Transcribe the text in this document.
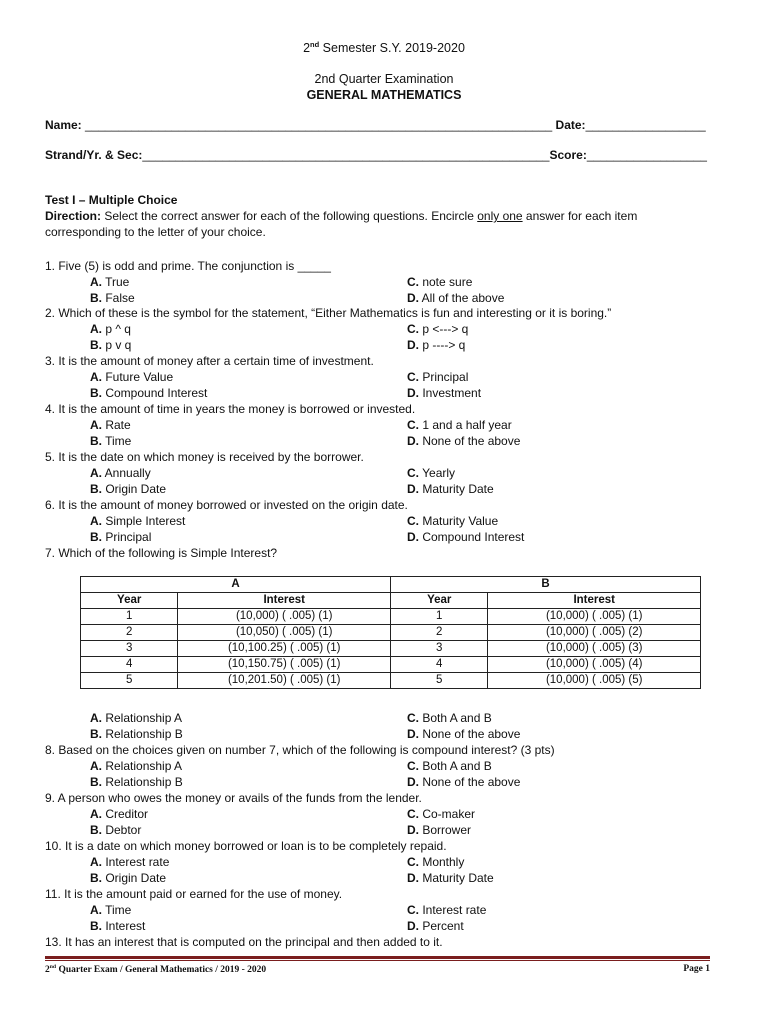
2nd Semester S.Y. 2019-2020
2nd Quarter Examination
GENERAL MATHEMATICS
Name: ______________________________________________________________________ Date:__________________
Strand/Yr. & Sec:_____________________________________________________________Score:__________________
Test I – Multiple Choice
Direction: Select the correct answer for each of the following questions. Encircle only one answer for each item
corresponding to the letter of your choice.
1. Five (5) is odd and prime. The conjunction is _____
A. True	C. note sure
B. False	D. All of the above
2. Which of these is the symbol for the statement, “Either Mathematics is fun and interesting or it is boring.”
A. p ^ q	C. p <---> q
B. p v q	D. p ----> q
3. It is the amount of money after a certain time of investment.
A. Future Value	C. Principal
B. Compound Interest	D. Investment
4. It is the amount of time in years the money is borrowed or invested.
A. Rate	C. 1 and a half year
B. Time	D. None of the above
5. It is the date on which money is received by the borrower.
A. Annually	C. Yearly
B. Origin Date	D. Maturity Date
6. It is the amount of money borrowed or invested on the origin date.
A. Simple Interest	C. Maturity Value
B. Principal	D. Compound Interest
7. Which of the following is Simple Interest?
A. Relationship A	C. Both A and B
B. Relationship B	D. None of the above
8. Based on the choices given on number 7, which of the following is compound interest? (3 pts)
A. Relationship A	C. Both A and B
B. Relationship B	D. None of the above
9. A person who owes the money or avails of the funds from the lender.
A. Creditor	C. Co-maker
B. Debtor	D. Borrower
10. It is a date on which money borrowed or loan is to be completely repaid.
A. Interest rate	C. Monthly
B. Origin Date	D. Maturity Date
11. It is the amount paid or earned for the use of money.
A. Time	C. Interest rate
B. Interest	D. Percent
13. It has an interest that is computed on the principal and then added to it.
A		B	
Year	Interest	Year	Interest
1	(10,000) ( .005) (1)	1	(10,000) ( .005) (1)
2	(10,050) ( .005) (1)	2	(10,000) ( .005) (2)
3	(10,100.25) ( .005) (1)	3	(10,000) ( .005) (3)
4	(10,150.75) ( .005) (1)	4	(10,000) ( .005) (4)
5	(10,201.50) ( .005) (1)	5	(10,000) ( .005) (5)
2nd Quarter Exam / General Mathematics / 2019 - 2020	Page 1
